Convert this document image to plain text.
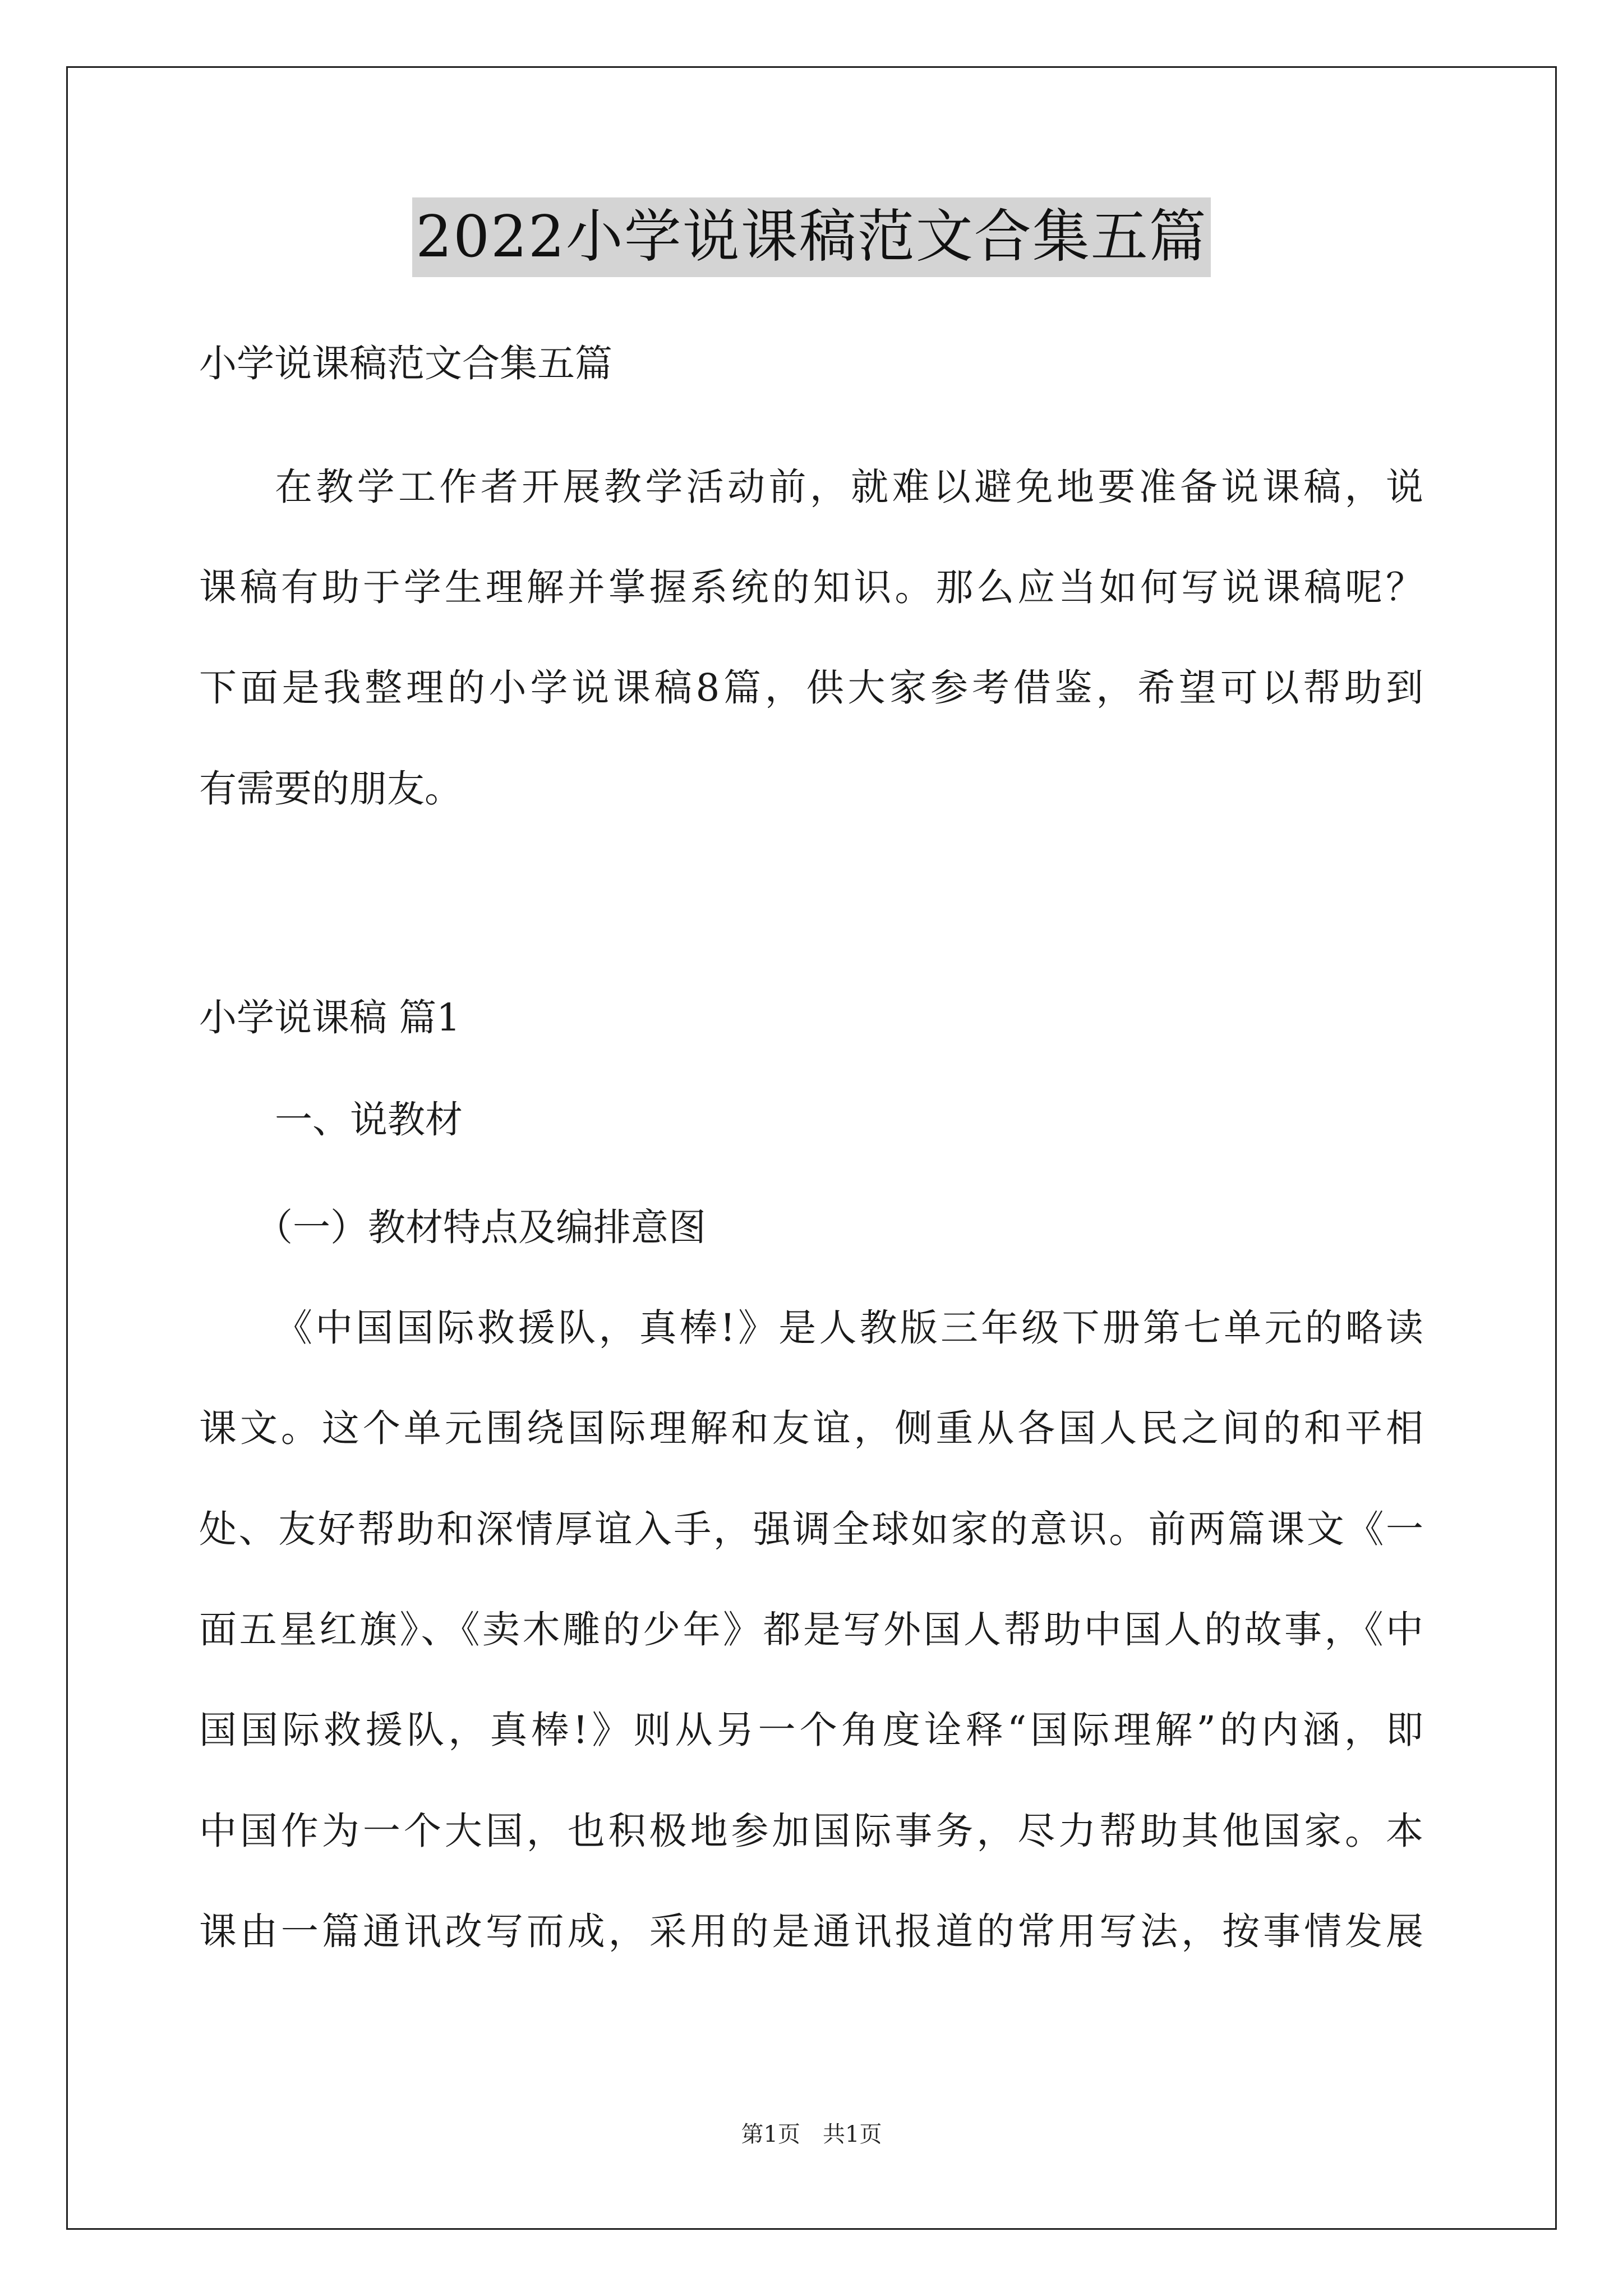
2022小学说课稿范文合集五篇
小学说课稿范文合集五篇
在教学工作者开展教学活动前，就难以避免地要准备说课稿，说
课稿有助于学生理解并掌握系统的知识。那么应当如何写说课稿呢？
下面是我整理的小学说课稿8篇，供大家参考借鉴，希望可以帮助到
有需要的朋友。
小学说课稿 篇1
一、说教材
（一）教材特点及编排意图
《中国国际救援队，真棒!》是人教版三年级下册第七单元的略读
课文。这个单元围绕国际理解和友谊，侧重从各国人民之间的和平相
处、友好帮助和深情厚谊入手，强调全球如家的意识。前两篇课文《一
面五星红旗》、《卖木雕的少年》都是写外国人帮助中国人的故事，《中
国国际救援队，真棒!》则从另一个角度诠释“国际理解”的内涵，即
中国作为一个大国，也积极地参加国际事务，尽力帮助其他国家。本
课由一篇通讯改写而成，采用的是通讯报道的常用写法，按事情发展
第1页　共1页
